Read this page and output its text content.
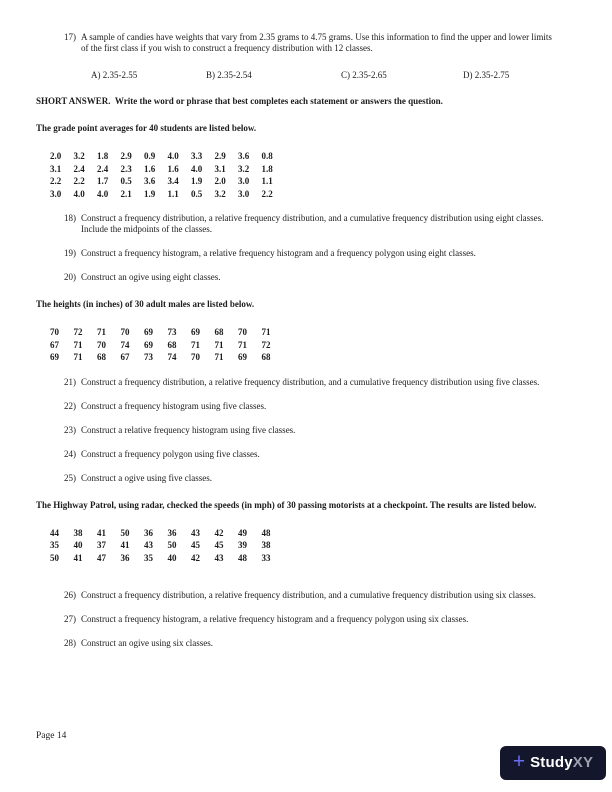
17) A sample of candies have weights that vary from 2.35 grams to 4.75 grams. Use this information to find the upper and lower limits of the first class if you wish to construct a frequency distribution with 12 classes.
A) 2.35-2.55	B) 2.35-2.54	C) 2.35-2.65	D) 2.35-2.75
SHORT ANSWER.  Write the word or phrase that best completes each statement or answers the question.
The grade point averages for 40 students are listed below.
2.0	3.2	1.8	2.9	0.9	4.0	3.3	2.9	3.6	0.8
3.1	2.4	2.4	2.3	1.6	1.6	4.0	3.1	3.2	1.8
2.2	2.2	1.7	0.5	3.6	3.4	1.9	2.0	3.0	1.1
3.0	4.0	4.0	2.1	1.9	1.1	0.5	3.2	3.0	2.2
18) Construct a frequency distribution, a relative frequency distribution, and a cumulative frequency distribution using eight classes. Include the midpoints of the classes.
19) Construct a frequency histogram, a relative frequency histogram and a frequency polygon using eight classes.
20) Construct an ogive using eight classes.
The heights (in inches) of 30 adult males are listed below.
70	72	71	70	69	73	69	68	70	71
67	71	70	74	69	68	71	71	71	72
69	71	68	67	73	74	70	71	69	68
21) Construct a frequency distribution, a relative frequency distribution, and a cumulative frequency distribution using five classes.
22) Construct a frequency histogram using five classes.
23) Construct a relative frequency histogram using five classes.
24) Construct a frequency polygon using five classes.
25) Construct a ogive using five classes.
The Highway Patrol, using radar, checked the speeds (in mph) of 30 passing motorists at a checkpoint. The results are listed below.
44	38	41	50	36	36	43	42	49	48
35	40	37	41	43	50	45	45	39	38
50	41	47	36	35	40	42	43	48	33
26) Construct a frequency distribution, a relative frequency distribution, and a cumulative frequency distribution using six classes.
27) Construct a frequency histogram, a relative frequency histogram and a frequency polygon using six classes.
28) Construct an ogive using six classes.
Page 14
+ StudyXY
